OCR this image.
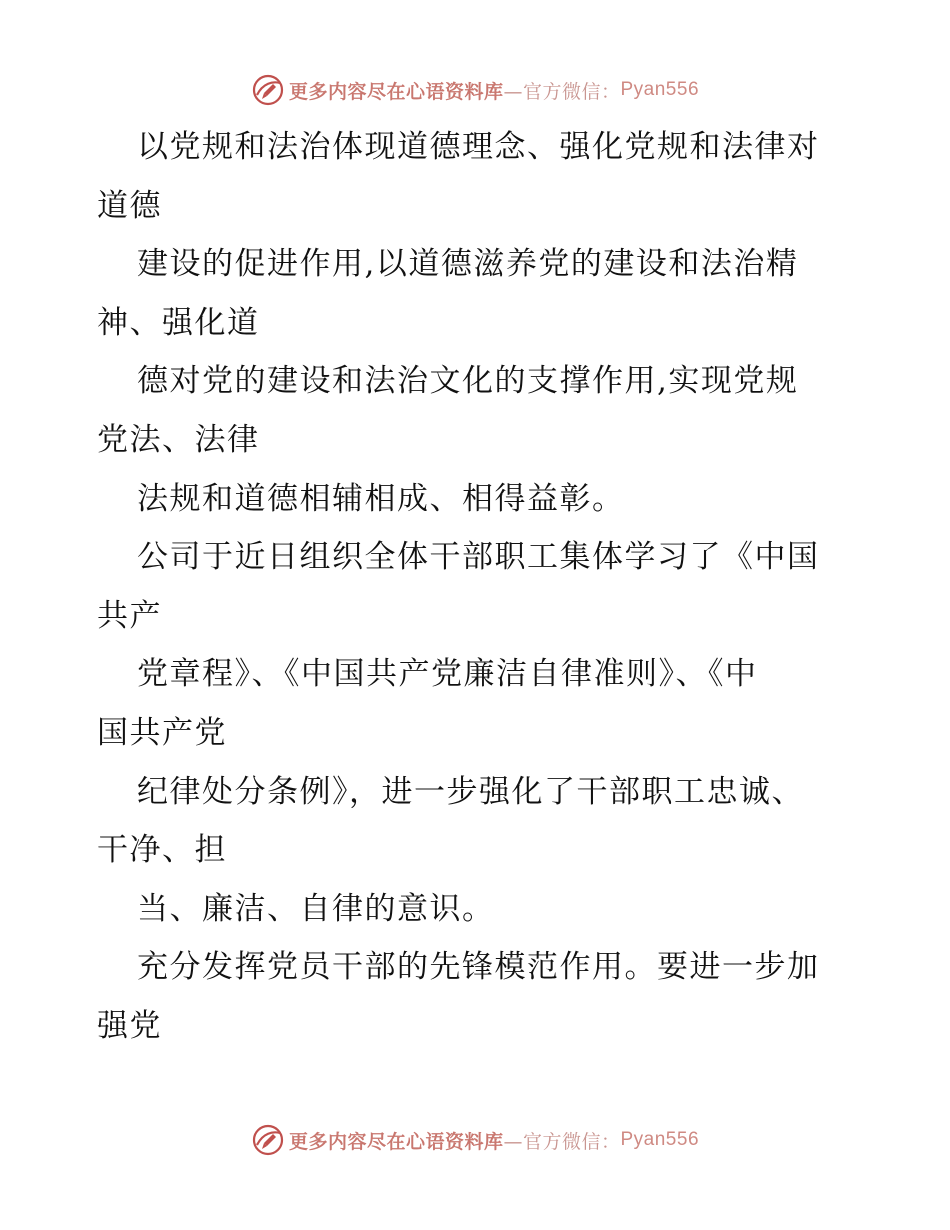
更多内容尽在心语资料库 —官方微信： Pyan556
以党规和法治体现道德理念、强化党规和法律对
道德
建设的促进作用,以道德滋养党的建设和法治精
神、强化道
德对党的建设和法治文化的支撑作用,实现党规
党法、法律
法规和道德相辅相成、相得益彰。
公司于近日组织全体干部职工集体学习了《中国
共产
党章程》、《中国共产党廉洁自律准则》、《中
国共产党
纪律处分条例》，进一步强化了干部职工忠诚、
干净、担
当、廉洁、自律的意识。
充分发挥党员干部的先锋模范作用。要进一步加
强党
更多内容尽在心语资料库 —官方微信： Pyan556
